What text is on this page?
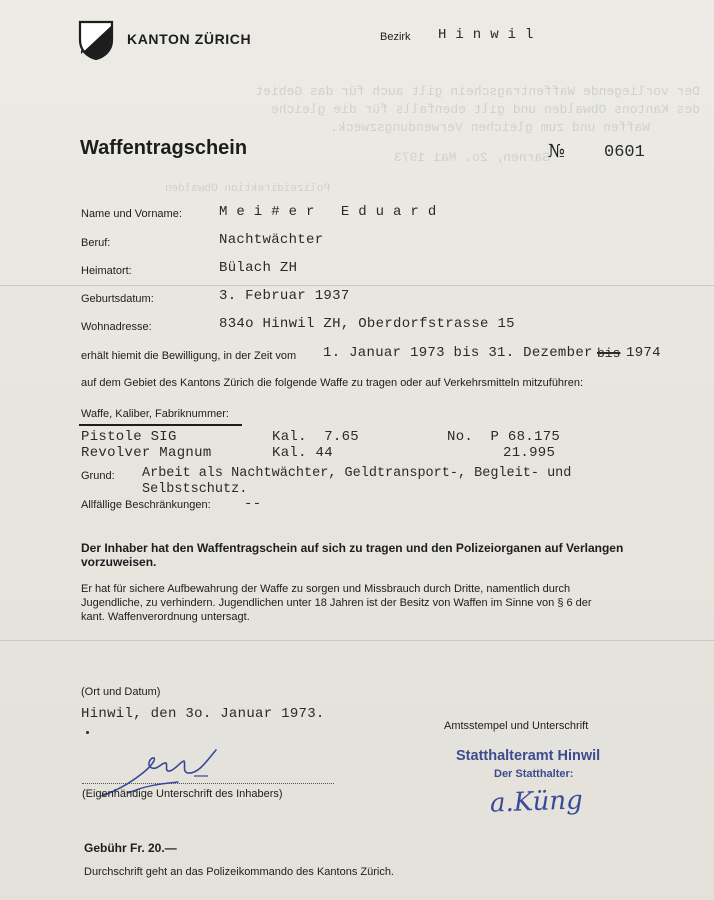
Der vorliegende Waffentragschein gilt auch für das Gebiet
des Kantons Obwalden und gilt ebenfalls für die gleiche
Waffen und zum gleichen Verwendungszweck.
Polizeidirektion Obwalden
Sarnen, 2o. Mai 1973
KANTON ZÜRICH	Bezirk H i n w i l
Waffentragschein	№ 0601
Name und Vorname:	M e i # e r   E d u a r d
Beruf:	Nachtwächter
Heimatort:	Bülach ZH
Geburtsdatum:	3. Februar 1937
Wohnadresse:	834o Hinwil ZH, Oberdorfstrasse 15
erhält hiemit die Bewilligung, in der Zeit vom 1. Januar 1973 bis 31. Dezember bis 1974
auf dem Gebiet des Kantons Zürich die folgende Waffe zu tragen oder auf Verkehrsmitteln mitzuführen:
Waffe, Kaliber, Fabriknummer:
Pistole SIG	Kal.  7.65	No.  P 68.175
Revolver Magnum	Kal. 44	21.995
Grund: Arbeit als Nachtwächter, Geldtransport-, Begleit- und
Selbstschutz.
Allfällige Beschränkungen: --
Der Inhaber hat den Waffentragschein auf sich zu tragen und den Polizeiorganen auf Verlangen vorzuweisen.
Er hat für sichere Aufbewahrung der Waffe zu sorgen und Missbrauch durch Dritte, namentlich durch
Jugendliche, zu verhindern. Jugendlichen unter 18 Jahren ist der Besitz von Waffen im Sinne von § 6 der
kant. Waffenverordnung untersagt.
(Ort und Datum)
Hinwil, den 3o. Januar 1973.
(Eigenhändige Unterschrift des Inhabers)
Amtsstempel und Unterschrift
Statthalteramt Hinwil
Der Statthalter:
a.Küng
Gebühr Fr. 20.—
Durchschrift geht an das Polizeikommando des Kantons Zürich.
